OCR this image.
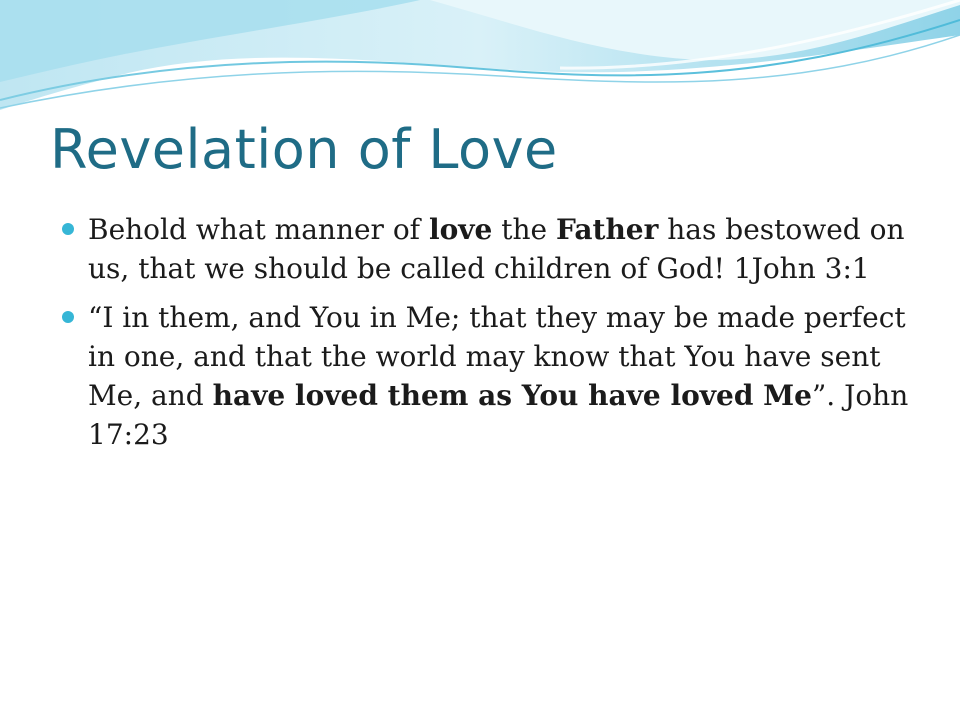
Revelation of Love
Behold what manner of love the Father has bestowed on us, that we should be called children of God! 1John 3:1
“I in them, and You in Me; that they may be made perfect in one, and that the world may know that You have sent Me, and have loved them as You have loved Me”. John 17:23
